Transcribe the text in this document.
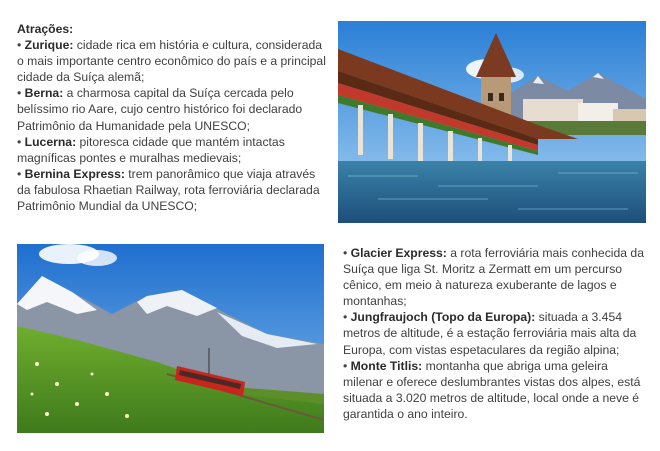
Atrações:

• Zurique: cidade rica em história e cultura, considerada o mais importante centro econômico do país e a principal cidade da Suíça alemã;

• Berna: a charmosa capital da Suíça cercada pelo belíssimo rio Aare, cujo centro histórico foi declarado Patrimônio da Humanidade pela UNESCO;

• Lucerna: pitoresca cidade que mantém intactas magníficas pontes e muralhas medievais;

• Bernina Express: trem panorâmico que viaja através da fabulosa Rhaetian Railway, rota ferroviária declarada Patrimônio Mundial da UNESCO;

• Glacier Express: a rota ferroviária mais conhecida da Suíça que liga St. Moritz a Zermatt em um percurso cênico, em meio à natureza exuberante de lagos e montanhas;

• Jungfraujoch (Topo da Europa): situada a 3.454 metros de altitude, é a estação ferroviária mais alta da Europa, com vistas espetaculares da região alpina;

• Monte Titlis: montanha que abriga uma geleira milenar e oferece deslumbrantes vistas dos alpes, está situada a 3.020 metros de altitude, local onde a neve é garantida o ano inteiro.
